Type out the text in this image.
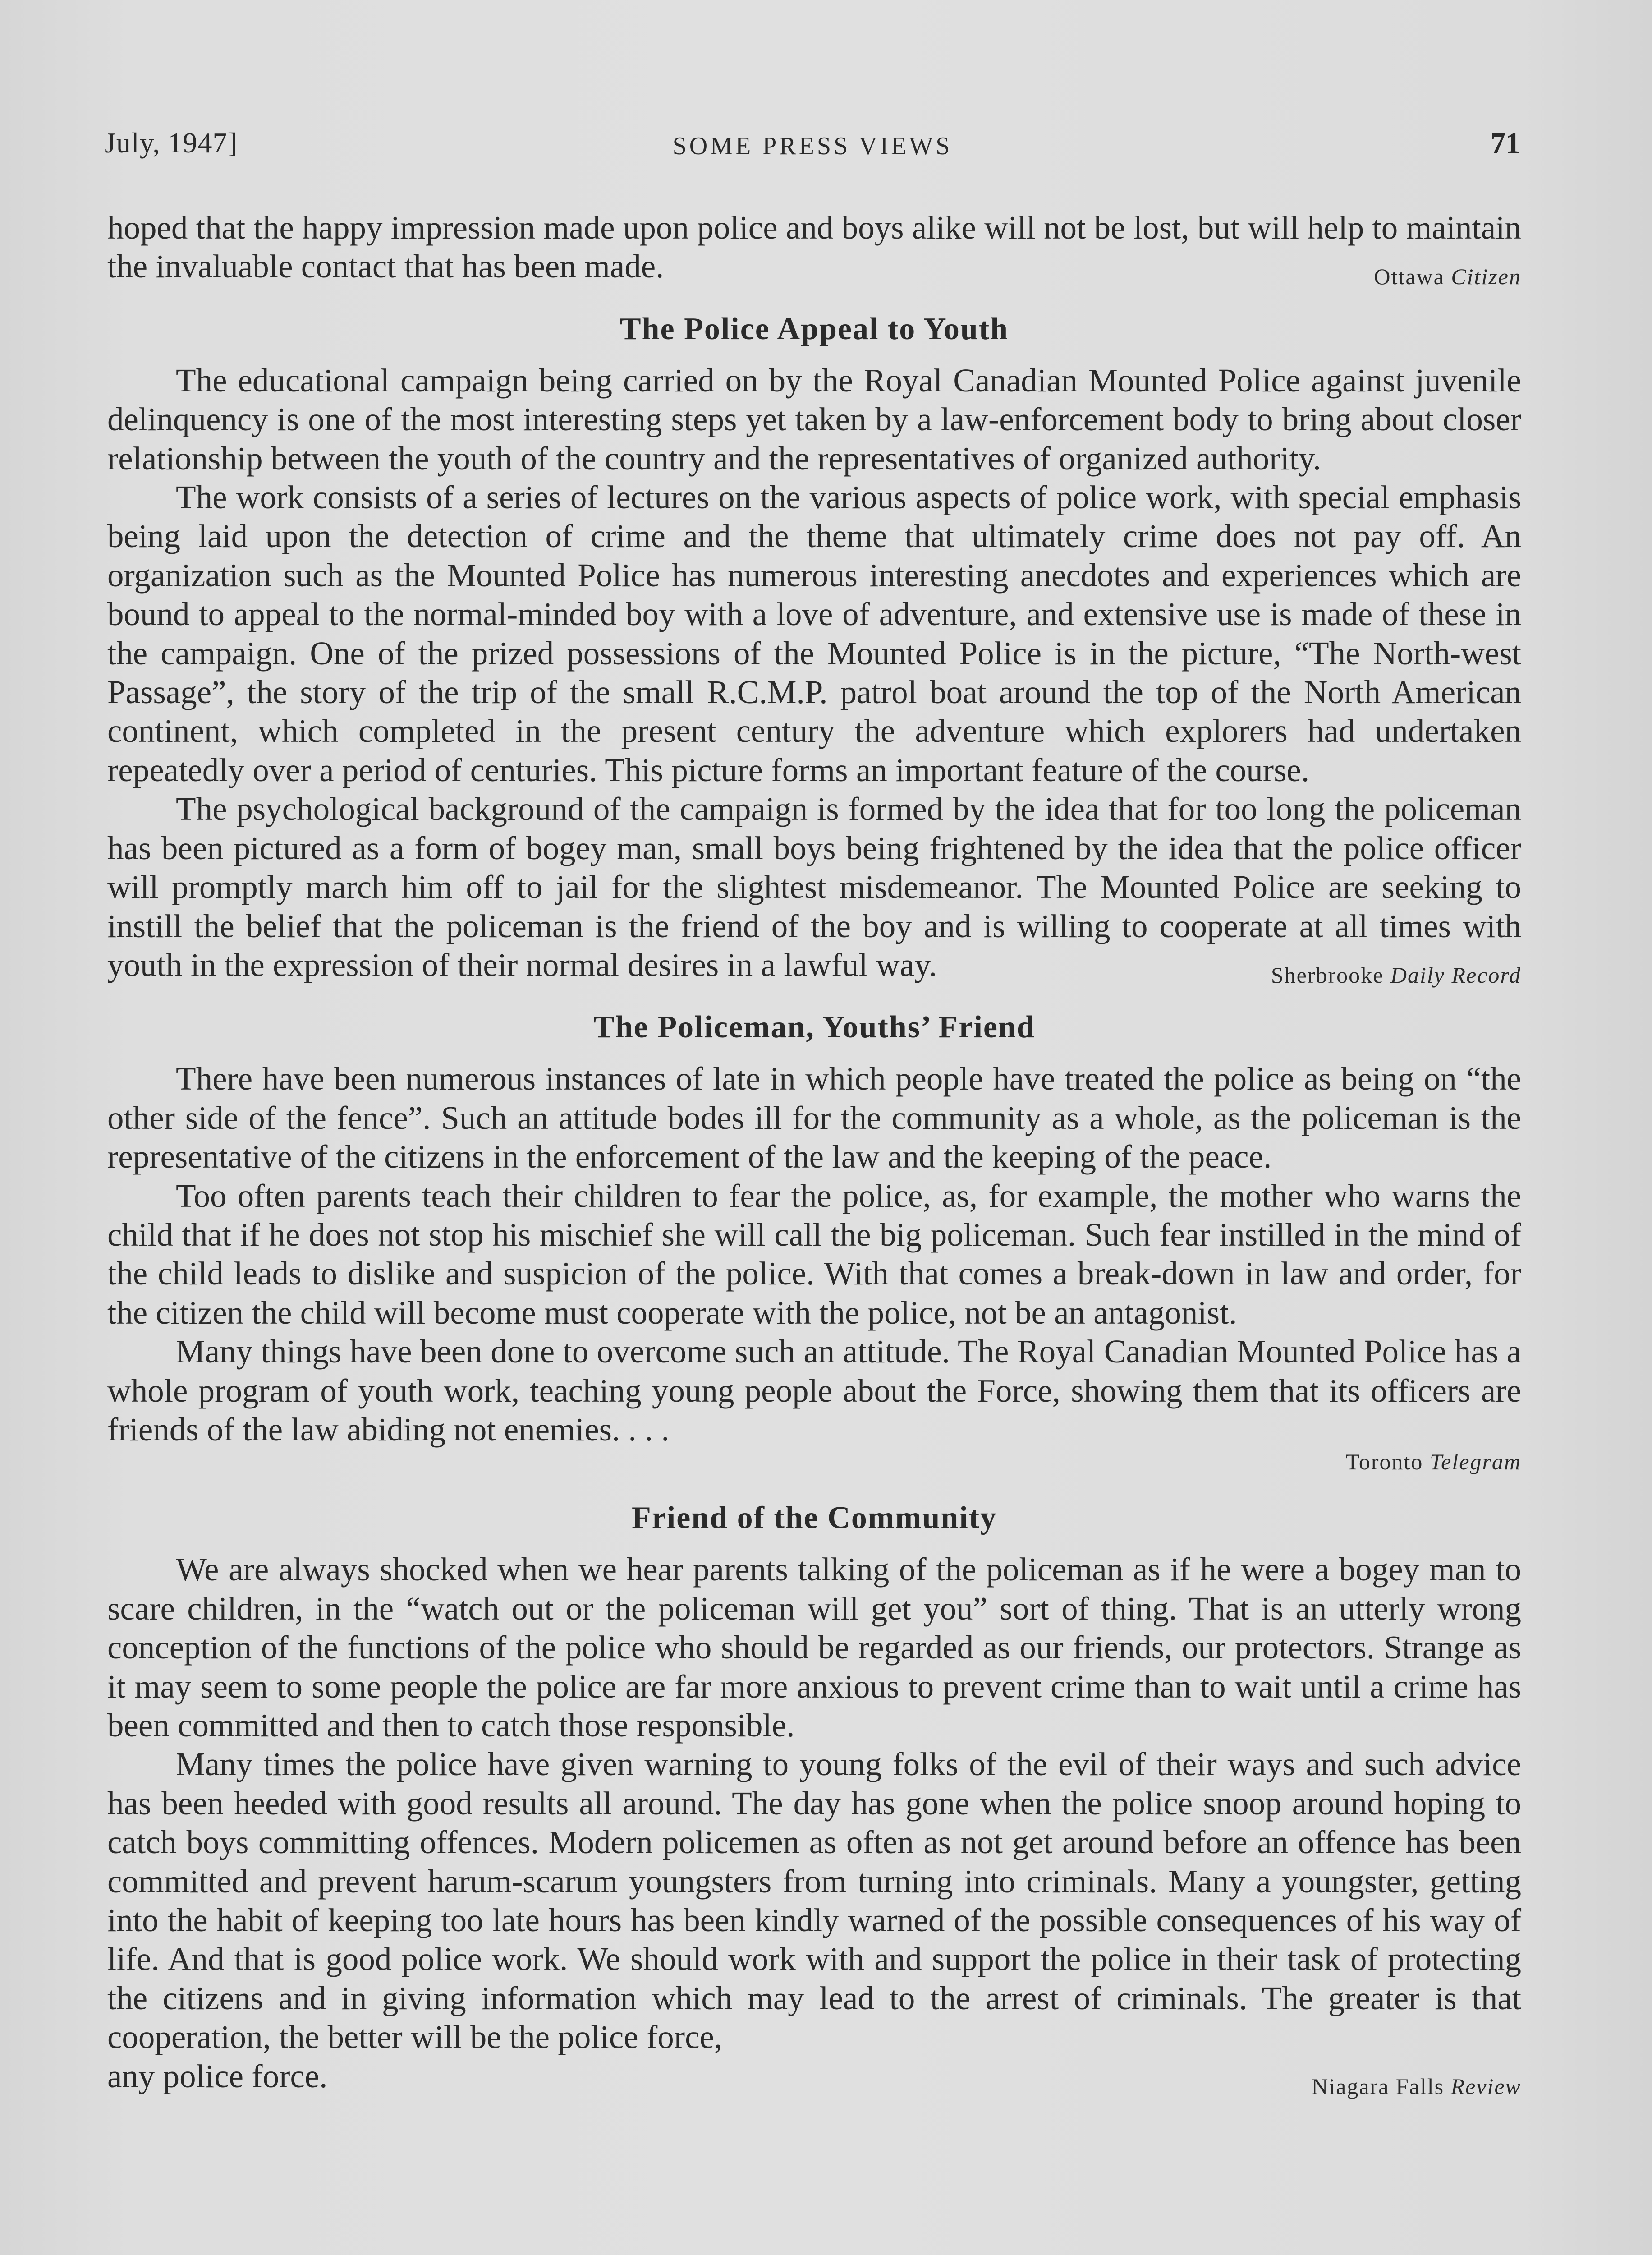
July, 1947]	SOME PRESS VIEWS	71

hoped that the happy impression made upon police and boys alike will not be lost, but will help to maintain the invaluable contact that has been made.	Ottawa Citizen

The Police Appeal to Youth

The educational campaign being carried on by the Royal Canadian Mounted Police against juvenile delinquency is one of the most interesting steps yet taken by a law-enforcement body to bring about closer relationship between the youth of the country and the representatives of organized authority.

The work consists of a series of lectures on the various aspects of police work, with special emphasis being laid upon the detection of crime and the theme that ultimately crime does not pay off. An organization such as the Mounted Police has numerous interesting anecdotes and experiences which are bound to appeal to the normal-minded boy with a love of adventure, and extensive use is made of these in the campaign. One of the prized possessions of the Mounted Police is in the picture, “The North-west Passage”, the story of the trip of the small R.C.M.P. patrol boat around the top of the North American continent, which completed in the present century the adventure which explorers had undertaken repeatedly over a period of centuries. This picture forms an important feature of the course.

The psychological background of the campaign is formed by the idea that for too long the policeman has been pictured as a form of bogey man, small boys being frightened by the idea that the police officer will promptly march him off to jail for the slightest misdemeanor. The Mounted Police are seeking to instill the belief that the policeman is the friend of the boy and is willing to cooperate at all times with youth in the expression of their normal desires in a lawful way.	Sherbrooke Daily Record

The Policeman, Youths’ Friend

There have been numerous instances of late in which people have treated the police as being on “the other side of the fence”. Such an attitude bodes ill for the community as a whole, as the policeman is the representative of the citizens in the enforcement of the law and the keeping of the peace.

Too often parents teach their children to fear the police, as, for example, the mother who warns the child that if he does not stop his mischief she will call the big policeman. Such fear instilled in the mind of the child leads to dislike and suspicion of the police. With that comes a break-down in law and order, for the citizen the child will become must cooperate with the police, not be an antagonist.

Many things have been done to overcome such an attitude. The Royal Canadian Mounted Police has a whole program of youth work, teaching young people about the Force, showing them that its officers are friends of the law abiding not enemies. . . .

Toronto Telegram
Friend of the Community

We are always shocked when we hear parents talking of the policeman as if he were a bogey man to scare children, in the “watch out or the policeman will get you” sort of thing. That is an utterly wrong conception of the functions of the police who should be regarded as our friends, our protectors. Strange as it may seem to some people the police are far more anxious to prevent crime than to wait until a crime has been committed and then to catch those responsible.

Many times the police have given warning to young folks of the evil of their ways and such advice has been heeded with good results all around. The day has gone when the police snoop around hoping to catch boys committing offences. Modern policemen as often as not get around before an offence has been committed and prevent harum-scarum youngsters from turning into criminals. Many a youngster, getting into the habit of keeping too late hours has been kindly warned of the possible consequences of his way of life. And that is good police work. We should work with and support the police in their task of protecting the citizens and in giving information which may lead to the arrest of criminals. The greater is that cooperation, the better will be the police force,

any police force.	Niagara Falls Review
